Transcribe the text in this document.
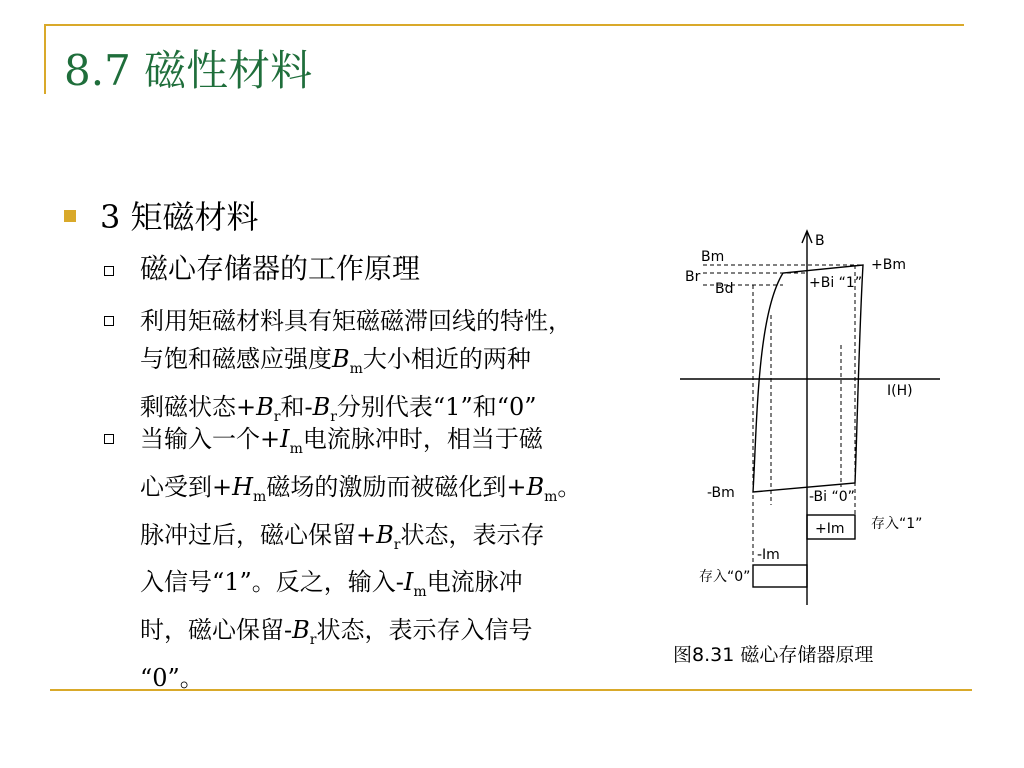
8.7 磁性材料
3 矩磁材料
磁心存储器的工作原理
利用矩磁材料具有矩磁磁滞回线的特性，
与饱和磁感应强度$B_m$大小相近的两种
剩磁状态$+B_r$和$-B_r$分别代表“1”和“0”
当输入一个$+I_m$电流脉冲时，相当于磁
心受到$+H_m$磁场的激励而被磁化到$+B_m$。
脉冲过后，磁心保留$+B_r$状态，表示存
入信号“1”。反之，输入$-I_m$电流脉冲
时，磁心保留$-B_r$状态，表示存入信号
“0”。
B
I(H)
Bm
Br
Bd
+Bm
+Bi “1”
-Bm	-Bi “0”
+Im
-Im
存入“1”
存入“0”
图8.31 磁心存储器原理
